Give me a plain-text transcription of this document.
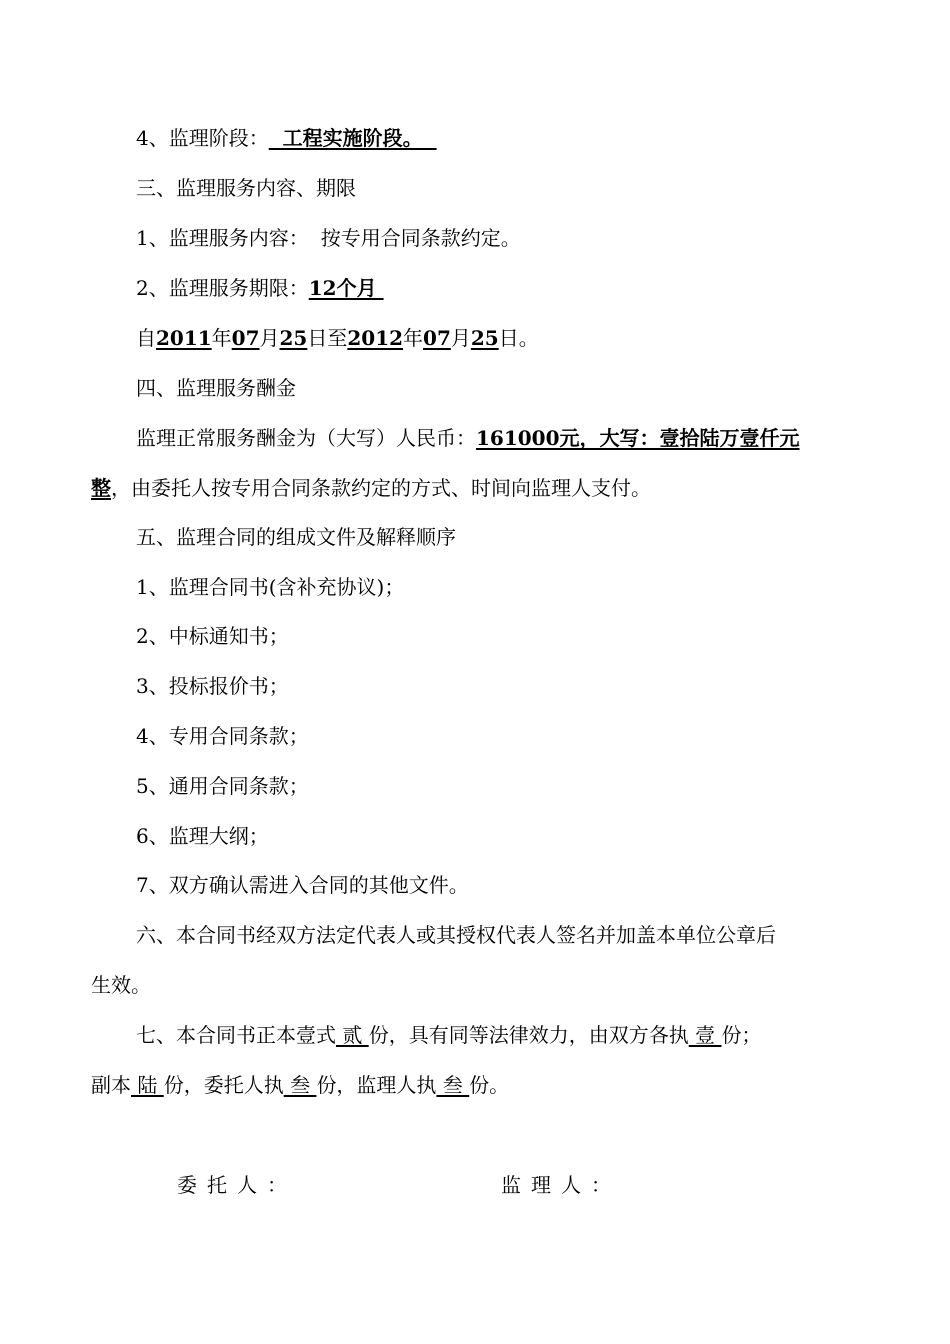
4、监理阶段：  工程实施阶段。
三、监理服务内容、期限
1、监理服务内容： 按专用合同条款约定。
2、监理服务期限：12个月
自2011年07月25日至2012年07月25日。
四、监理服务酬金
监理正常服务酬金为（大写）人民币：161000元，大写：壹拾陆万壹仟元
整，由委托人按专用合同条款约定的方式、时间向监理人支付。
五、监理合同的组成文件及解释顺序
1、监理合同书(含补充协议)；
2、中标通知书；
3、投标报价书；
4、专用合同条款；
5、通用合同条款；
6、监理大纲；
7、双方确认需进入合同的其他文件。
六、本合同书经双方法定代表人或其授权代表人签名并加盖本单位公章后
生效。
七、本合同书正本壹式 贰 份，具有同等法律效力，由双方各执 壹 份；
副本 陆 份，委托人执 叁 份，监理人执 叁 份。
委托人：	监理人：
